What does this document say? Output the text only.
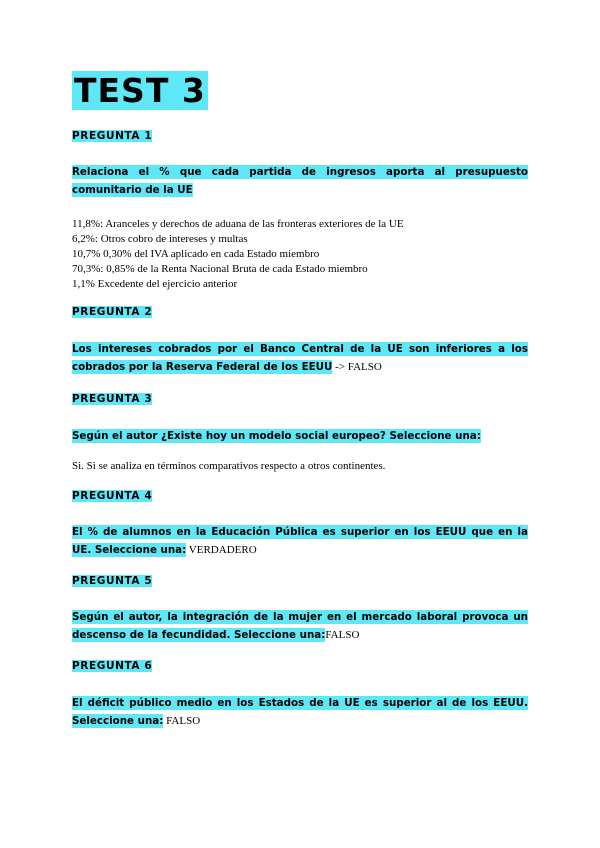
TEST 3

PREGUNTA 1

Relaciona el % que cada partida de ingresos aporta al presupuesto comunitario de la UE

11,8%: Aranceles y derechos de aduana de las fronteras exteriores de la UE
6,2%: Otros cobro de intereses y multas
10,7% 0,30% del IVA aplicado en cada Estado miembro
70,3%: 0,85% de la Renta Nacional Bruta de cada Estado miembro
1,1% Excedente del ejercicio anterior

PREGUNTA 2

Los intereses cobrados por el Banco Central de la UE son inferiores a los cobrados por la Reserva Federal de los EEUU -> FALSO

PREGUNTA 3

Según el autor ¿Existe hoy un modelo social europeo? Seleccione una:

Si. Si se analiza en términos comparativos respecto a otros continentes.

PREGUNTA 4

El % de alumnos en la Educación Pública es superior en los EEUU que en la UE. Seleccione una: VERDADERO

PREGUNTA 5

Según el autor, la integración de la mujer en el mercado laboral provoca un descenso de la fecundidad. Seleccione una:FALSO

PREGUNTA 6

El déficit público medio en los Estados de la UE es superior al de los EEUU. Seleccione una: FALSO
